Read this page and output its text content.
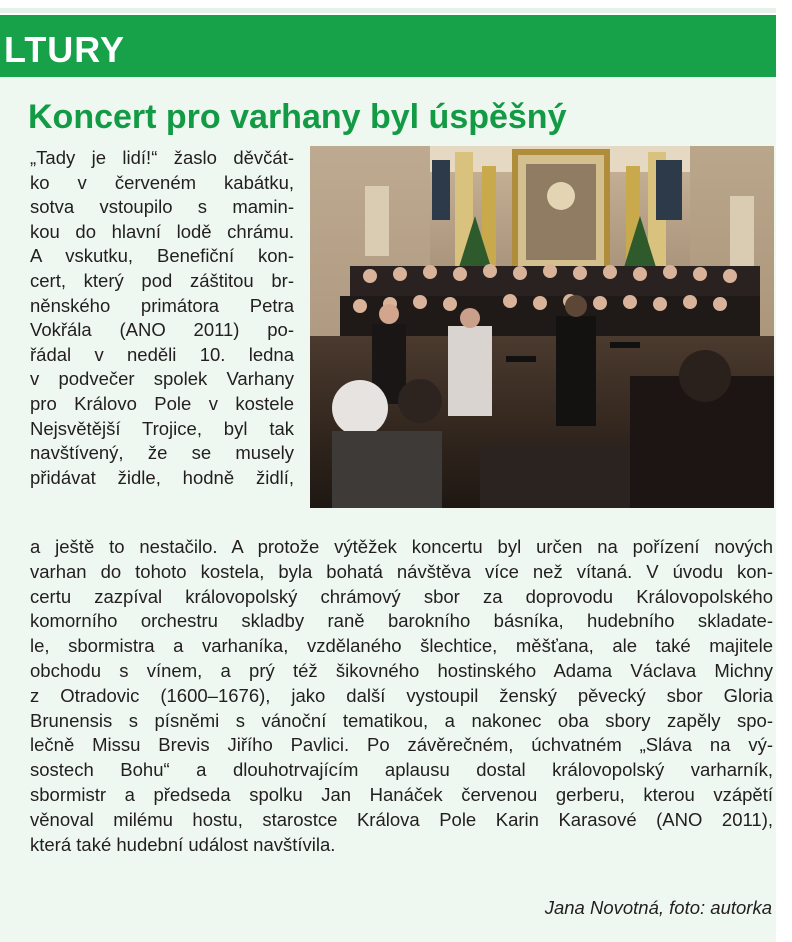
LTURY
Koncert pro varhany byl úspěšný
„Tady je lidí!“ žaslo děvčát-
ko v červeném kabátku,
sotva vstoupilo s mamin-
kou do hlavní lodě chrámu.
A vskutku, Benefiční kon-
cert, který pod záštitou br-
něnského primátora Petra
Vokřála (ANO 2011) po-
řádal v neděli 10. ledna
v podvečer spolek Varhany
pro Královo Pole v kostele
Nejsvětější Trojice, byl tak
navštívený, že se musely
přidávat židle, hodně židlí,
a ještě to nestačilo. A protože výtěžek koncertu byl určen na pořízení nových
varhan do tohoto kostela, byla bohatá návštěva více než vítaná. V úvodu kon-
certu zazpíval královopolský chrámový sbor za doprovodu Královopolského
komorního orchestru skladby raně barokního básníka, hudebního skladate-
le, sbormistra a varhaníka, vzdělaného šlechtice, měšťana, ale také majitele
obchodu s vínem, a prý též šikovného hostinského Adama Václava Michny
z Otradovic (1600–1676), jako další vystoupil ženský pěvecký sbor Gloria
Brunensis s písněmi s vánoční tematikou, a nakonec oba sbory zapěly spo-
lečně Missu Brevis Jiřího Pavlici. Po závěrečném, úchvatném „Sláva na vý-
sostech Bohu“ a dlouhotrvajícím aplausu dostal královopolský varharník,
sbormistr a předseda spolku Jan Hanáček červenou gerberu, kterou vzápětí
věnoval milému hostu, starostce Králova Pole Karin Karasové (ANO 2011),
která také hudební událost navštívila.
Jana Novotná, foto: autorka
